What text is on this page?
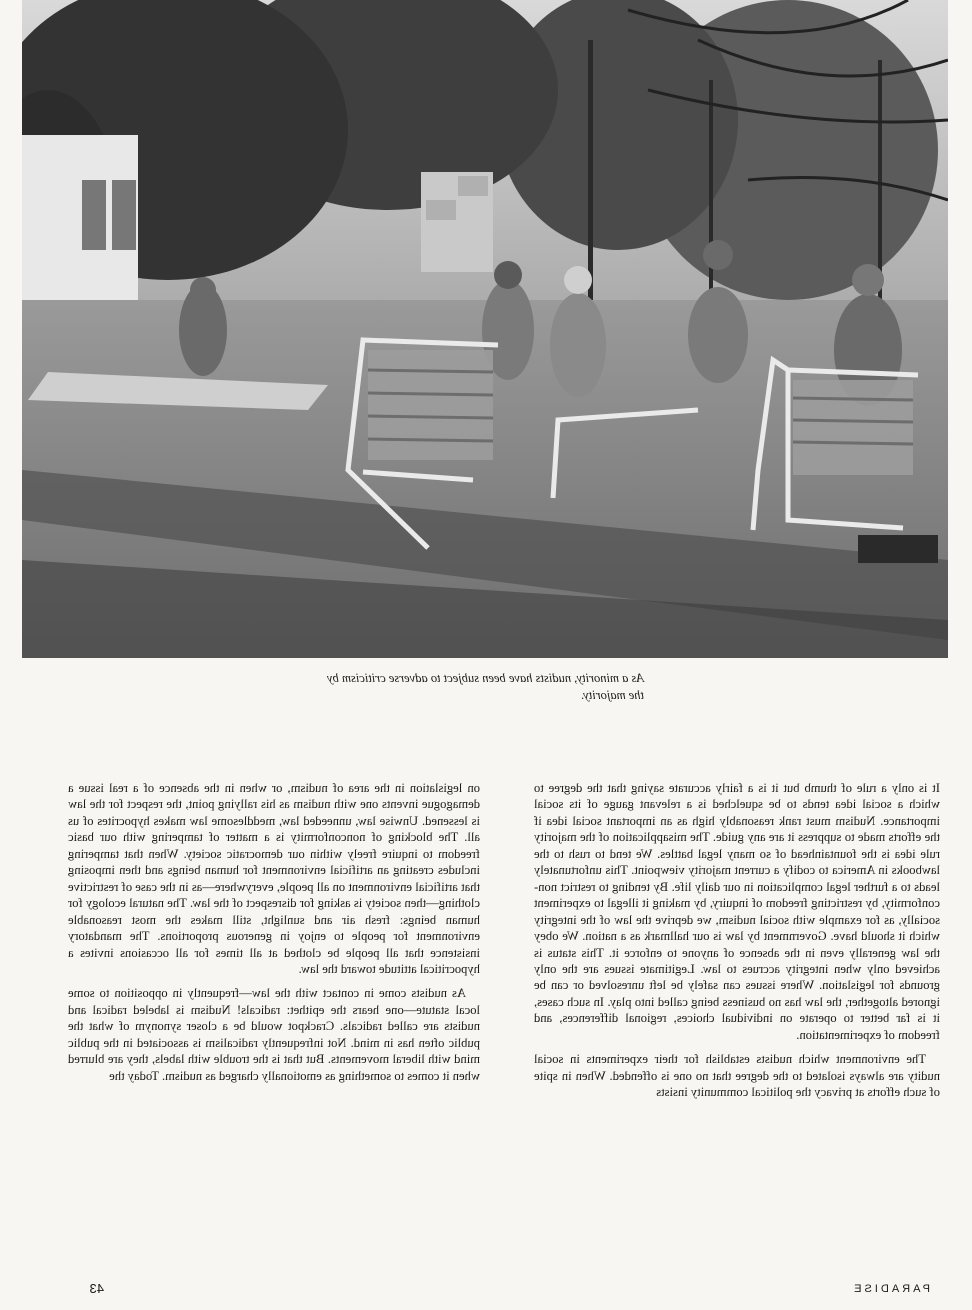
As a minority, nudists have been subject to adverse criticism by the majority.

It is only a rule of thumb but it is a fairly accurate saying that the degree to which a social idea tends to be squelched is a relevant gauge of its social importance. Nudism must rank reasonably high as an important social idea if the efforts made to suppress it are any guide. The misapplication of the majority rule idea is the fountainhead of so many legal battles. We tend to rush to the lawbooks in America to codify a current majority viewpoint. This unfortunately leads to a further legal complication in our daily life. By tending to restrict non-conformity, by restricting freedom of inquiry, by making it illegal to experiment socially, as for example with social nudism, we deprive the law of the integrity which it should have. Government by law is our hallmark as a nation. We obey the law generally even in the absence of anyone to enforce it. This status is achieved only when integrity accrues to law. Legitimate issues are the only grounds for legislation. Where issues can safely be left unresolved or can be ignored altogether, the law has no business being called into play. In such cases, it is far better to operate on individual choices, regional differences, and freedom of experimentation.

The environment which nudists establish for their experiments in social nudity are always isolated to the degree that no one is offended. When in spite of such efforts at privacy the political community insists

on legislation in the area of nudism, or when in the absence of a real issue a demagogue invents one with nudism as his rallying point, the respect for the law is lessened. Unwise law, unneeded law, meddlesome law makes hypocrites of us all. The blocking of nonconformity is a matter of tampering with our basic freedom to inquire freely within our democratic society. When that tampering includes creating an artificial environment for human beings and then imposing that artificial environment on all people, everywhere—as in the case of restrictive clothing—then society is asking for disrespect of the law. The natural ecology for human beings: fresh air and sunlight, still makes the most reasonable environment for people to enjoy in generous proportions. The mandatory insistence that all people be clothed at all times for all occasions invites a hypocritical attitude toward the law.

As nudists come in contact with the law—frequently in opposition to some local statute—one hears the epithet: radicals! Nudism is labeled radical and nudists are called radicals. Crackpot would be a closer synonym of what the public often has in mind. Not infrequently radicalism is associated in the public mind with liberal movements. But that is the trouble with labels, they are blurred when it comes to something as emotionally charged as nudism. Today the

PARADISE
43
